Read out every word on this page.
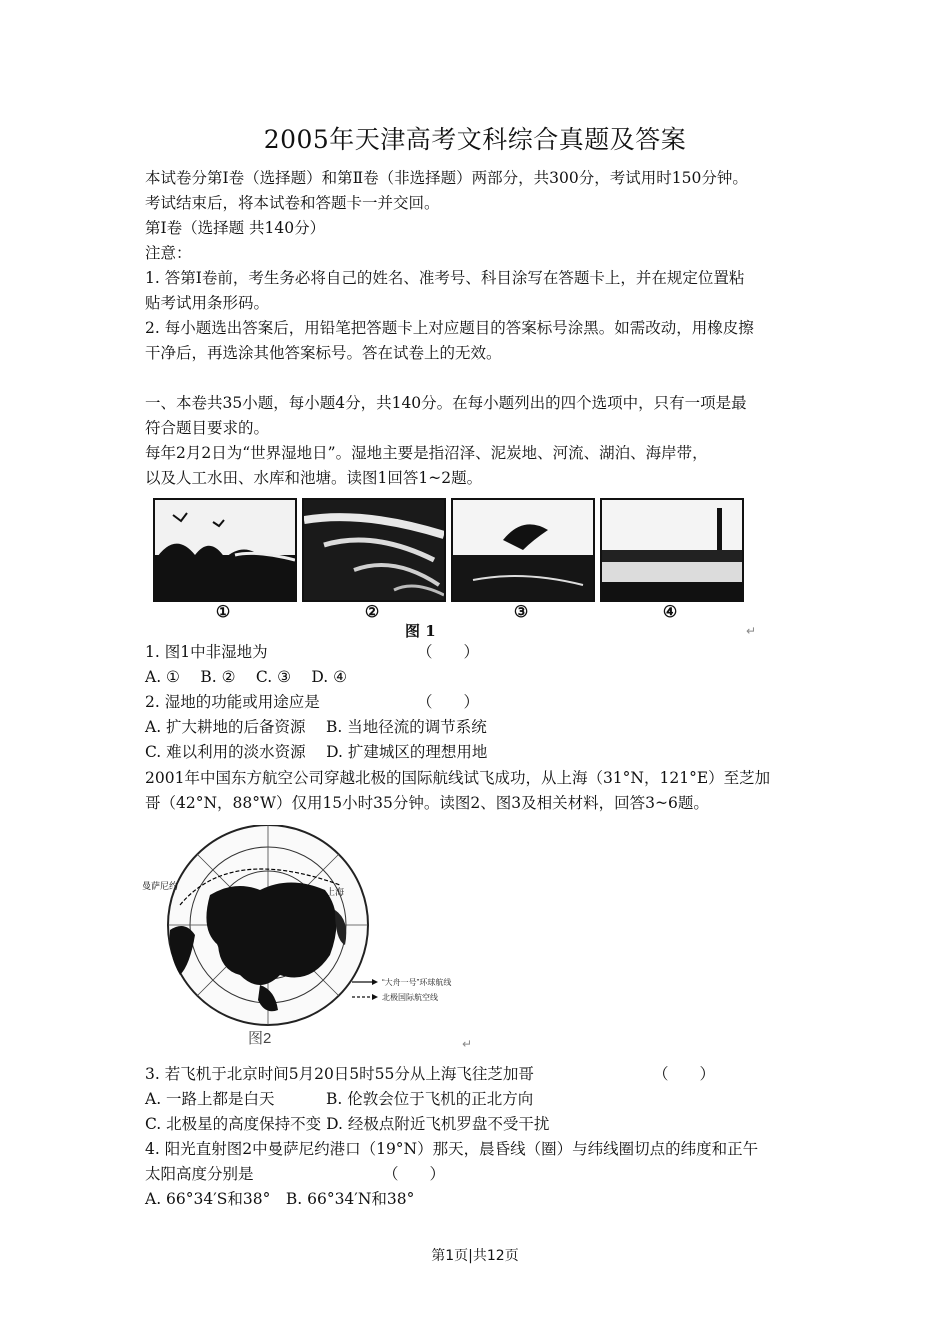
2005年天津高考文科综合真题及答案

本试卷分第Ⅰ卷（选择题）和第Ⅱ卷（非选择题）两部分，共300分，考试用时150分钟。

考试结束后，将本试卷和答题卡一并交回。

第Ⅰ卷（选择题 共140分）

注意：

1. 答第Ⅰ卷前，考生务必将自己的姓名、准考号、科目涂写在答题卡上，并在规定位置粘

贴考试用条形码。

2. 每小题选出答案后，用铅笔把答题卡上对应题目的答案标号涂黑。如需改动，用橡皮擦

干净后，再选涂其他答案标号。答在试卷上的无效。

一、本卷共35小题，每小题4分，共140分。在每小题列出的四个选项中，只有一项是最

符合题目要求的。

每年2月2日为“世界湿地日”。湿地主要是指沼泽、泥炭地、河流、湖泊、海岸带，

以及人工水田、水库和池塘。读图1回答1~2题。

①	②	③	④
图 1	↵

1. 图1中非湿地为	（　　）

A. ①　 B. ②　 C. ③　 D. ④

2. 湿地的功能或用途应是	（　　）

A. 扩大耕地的后备资源　 B. 当地径流的调节系统

C. 难以利用的淡水资源　 D. 扩建城区的理想用地

2001年中国东方航空公司穿越北极的国际航线试飞成功，从上海（31°N，121°E）至芝加

哥（42°N，88°W）仅用15小时35分钟。读图2、图3及相关材料，回答3~6题。

曼萨尼约
上海
“大舟一号”环球航线
北极国际航空线
图2	↵

3. 若飞机于北京时间5月20日5时55分从上海飞往芝加哥	（　　）

A. 一路上都是白天　　　 B. 伦敦会位于飞机的正北方向

C. 北极星的高度保持不变 D. 经极点附近飞机罗盘不受干扰

4. 阳光直射图2中曼萨尼约港口（19°N）那天，晨昏线（圈）与纬线圈切点的纬度和正午

太阳高度分别是	（　　）

A. 66°34′S和38°　B. 66°34′N和38°

第1页|共12页
